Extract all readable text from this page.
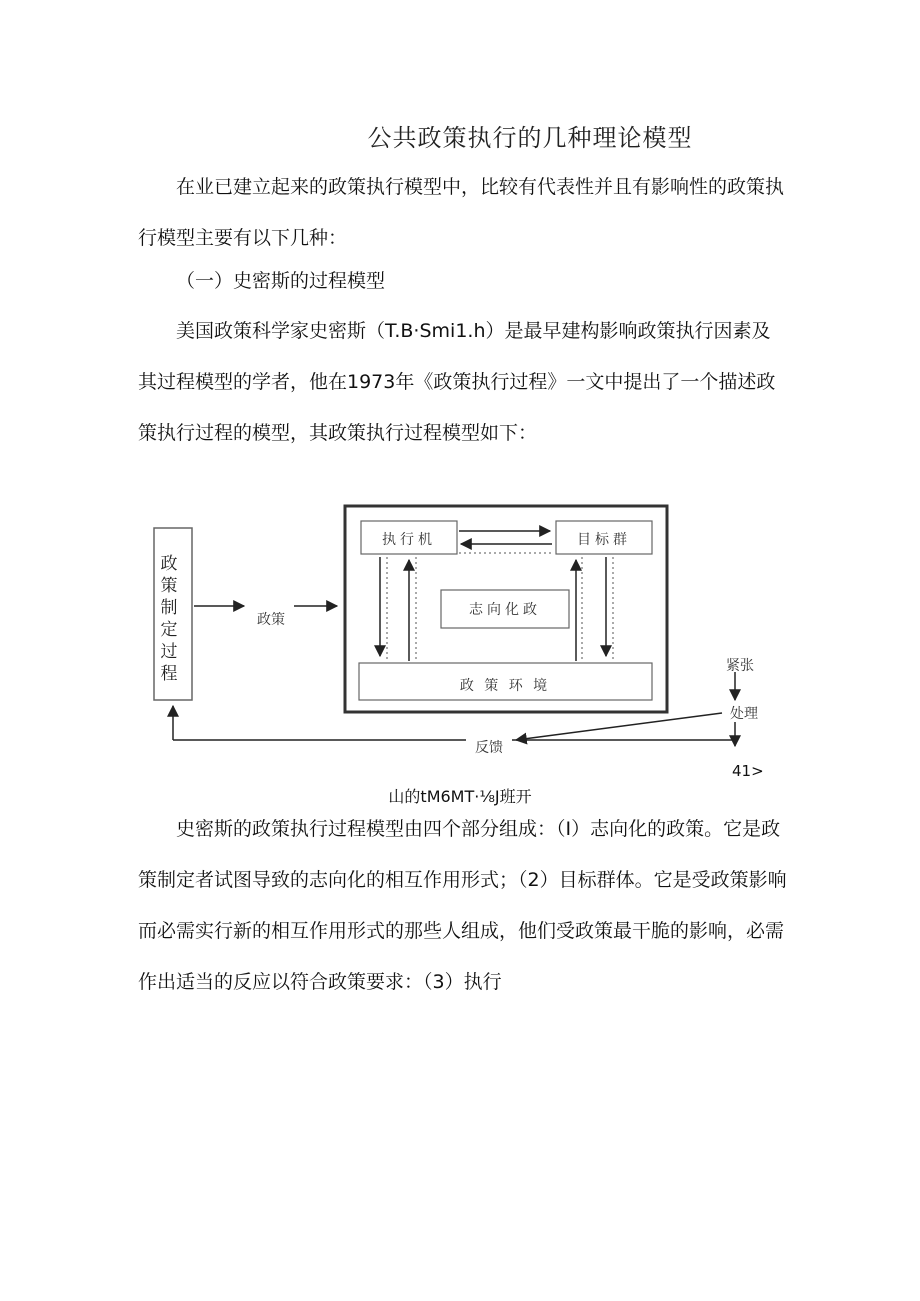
公共政策执行的几种理论模型
在业已建立起来的政策执行模型中，比较有代表性并且有影响性的政策执行模型主要有以下几种：
（一）史密斯的过程模型
美国政策科学家史密斯（T.B·Smi1.h）是最早建构影响政策执行因素及其过程模型的学者，他在1973年《政策执行过程》一文中提出了一个描述政策执行过程的模型，其政策执行过程模型如下：
政
策
制
定
过
程
政策
执行机	目标群
志向化政
政 策 环 境
紧张
处理
反馈
41>
山的tM6MT·⅛J班开
史密斯的政策执行过程模型由四个部分组成：（I）志向化的政策。它是政策制定者试图导致的志向化的相互作用形式；（2）目标群体。它是受政策影响而必需实行新的相互作用形式的那些人组成，他们受政策最干脆的影响，必需作出适当的反应以符合政策要求：（3）执行
